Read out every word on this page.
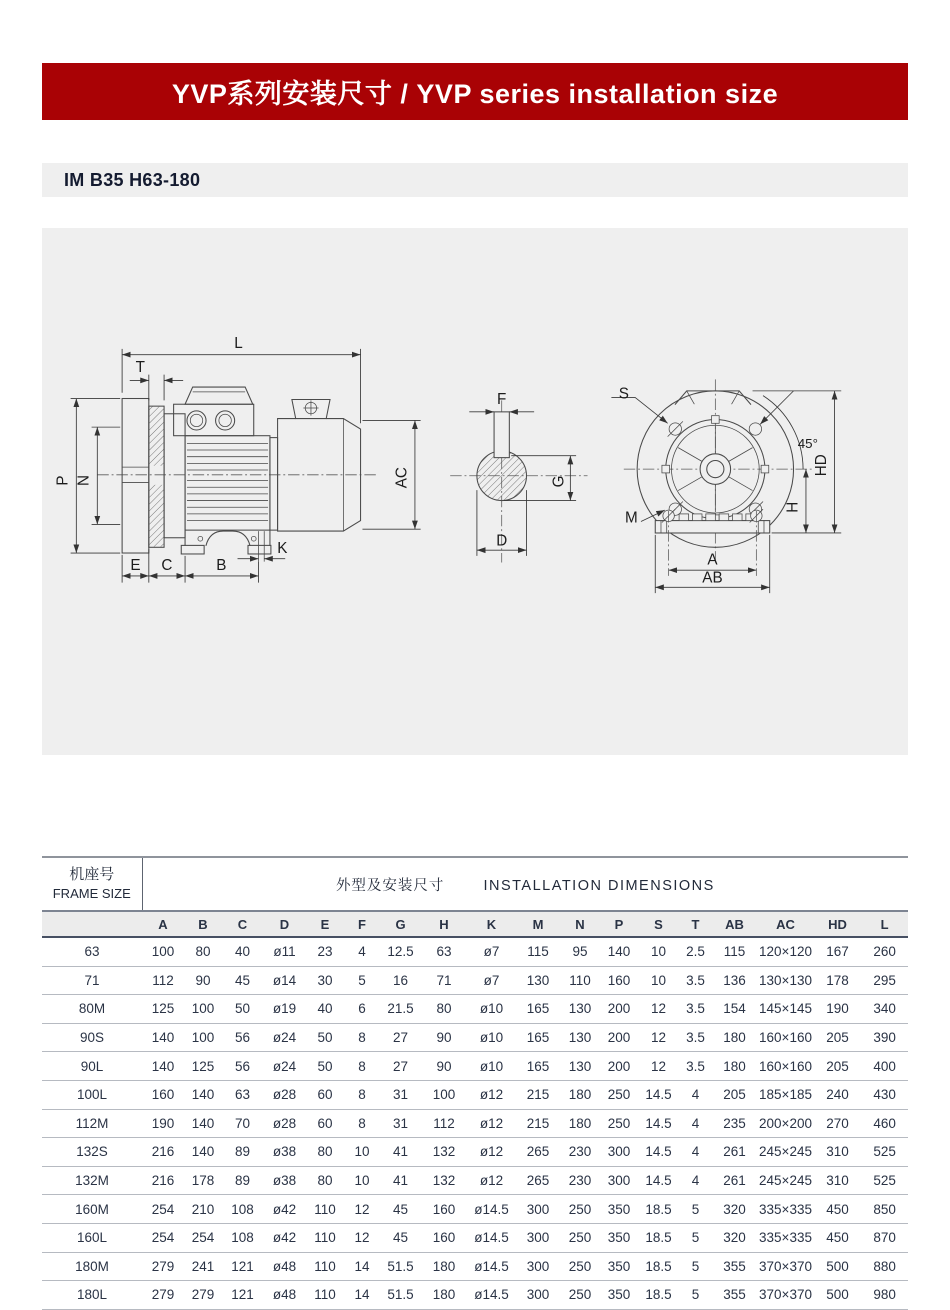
YVP系列安装尺寸 / YVP series installation size
IM B35 H63-180
L
T
P N	AC
E C	B
K
F
G
D
S
M
45°
HD
H
A
AB
机座号
FRAME SIZE	外型及安装尺寸 INSTALLATION DIMENSIONS																	
	A	B	C	D	E	F	G	H	K	M	N	P	S	T	AB	AC	HD	L
63	100	80	40	ø11	23	4	12.5	63	ø7	115	95	140	10	2.5	115	120×120	167	260
71	112	90	45	ø14	30	5	16	71	ø7	130	110	160	10	3.5	136	130×130	178	295
80M	125	100	50	ø19	40	6	21.5	80	ø10	165	130	200	12	3.5	154	145×145	190	340
90S	140	100	56	ø24	50	8	27	90	ø10	165	130	200	12	3.5	180	160×160	205	390
90L	140	125	56	ø24	50	8	27	90	ø10	165	130	200	12	3.5	180	160×160	205	400
100L	160	140	63	ø28	60	8	31	100	ø12	215	180	250	14.5	4	205	185×185	240	430
112M	190	140	70	ø28	60	8	31	112	ø12	215	180	250	14.5	4	235	200×200	270	460
132S	216	140	89	ø38	80	10	41	132	ø12	265	230	300	14.5	4	261	245×245	310	525
132M	216	178	89	ø38	80	10	41	132	ø12	265	230	300	14.5	4	261	245×245	310	525
160M	254	210	108	ø42	110	12	45	160	ø14.5	300	250	350	18.5	5	320	335×335	450	850
160L	254	254	108	ø42	110	12	45	160	ø14.5	300	250	350	18.5	5	320	335×335	450	870
180M	279	241	121	ø48	110	14	51.5	180	ø14.5	300	250	350	18.5	5	355	370×370	500	880
180L	279	279	121	ø48	110	14	51.5	180	ø14.5	300	250	350	18.5	5	355	370×370	500	980
